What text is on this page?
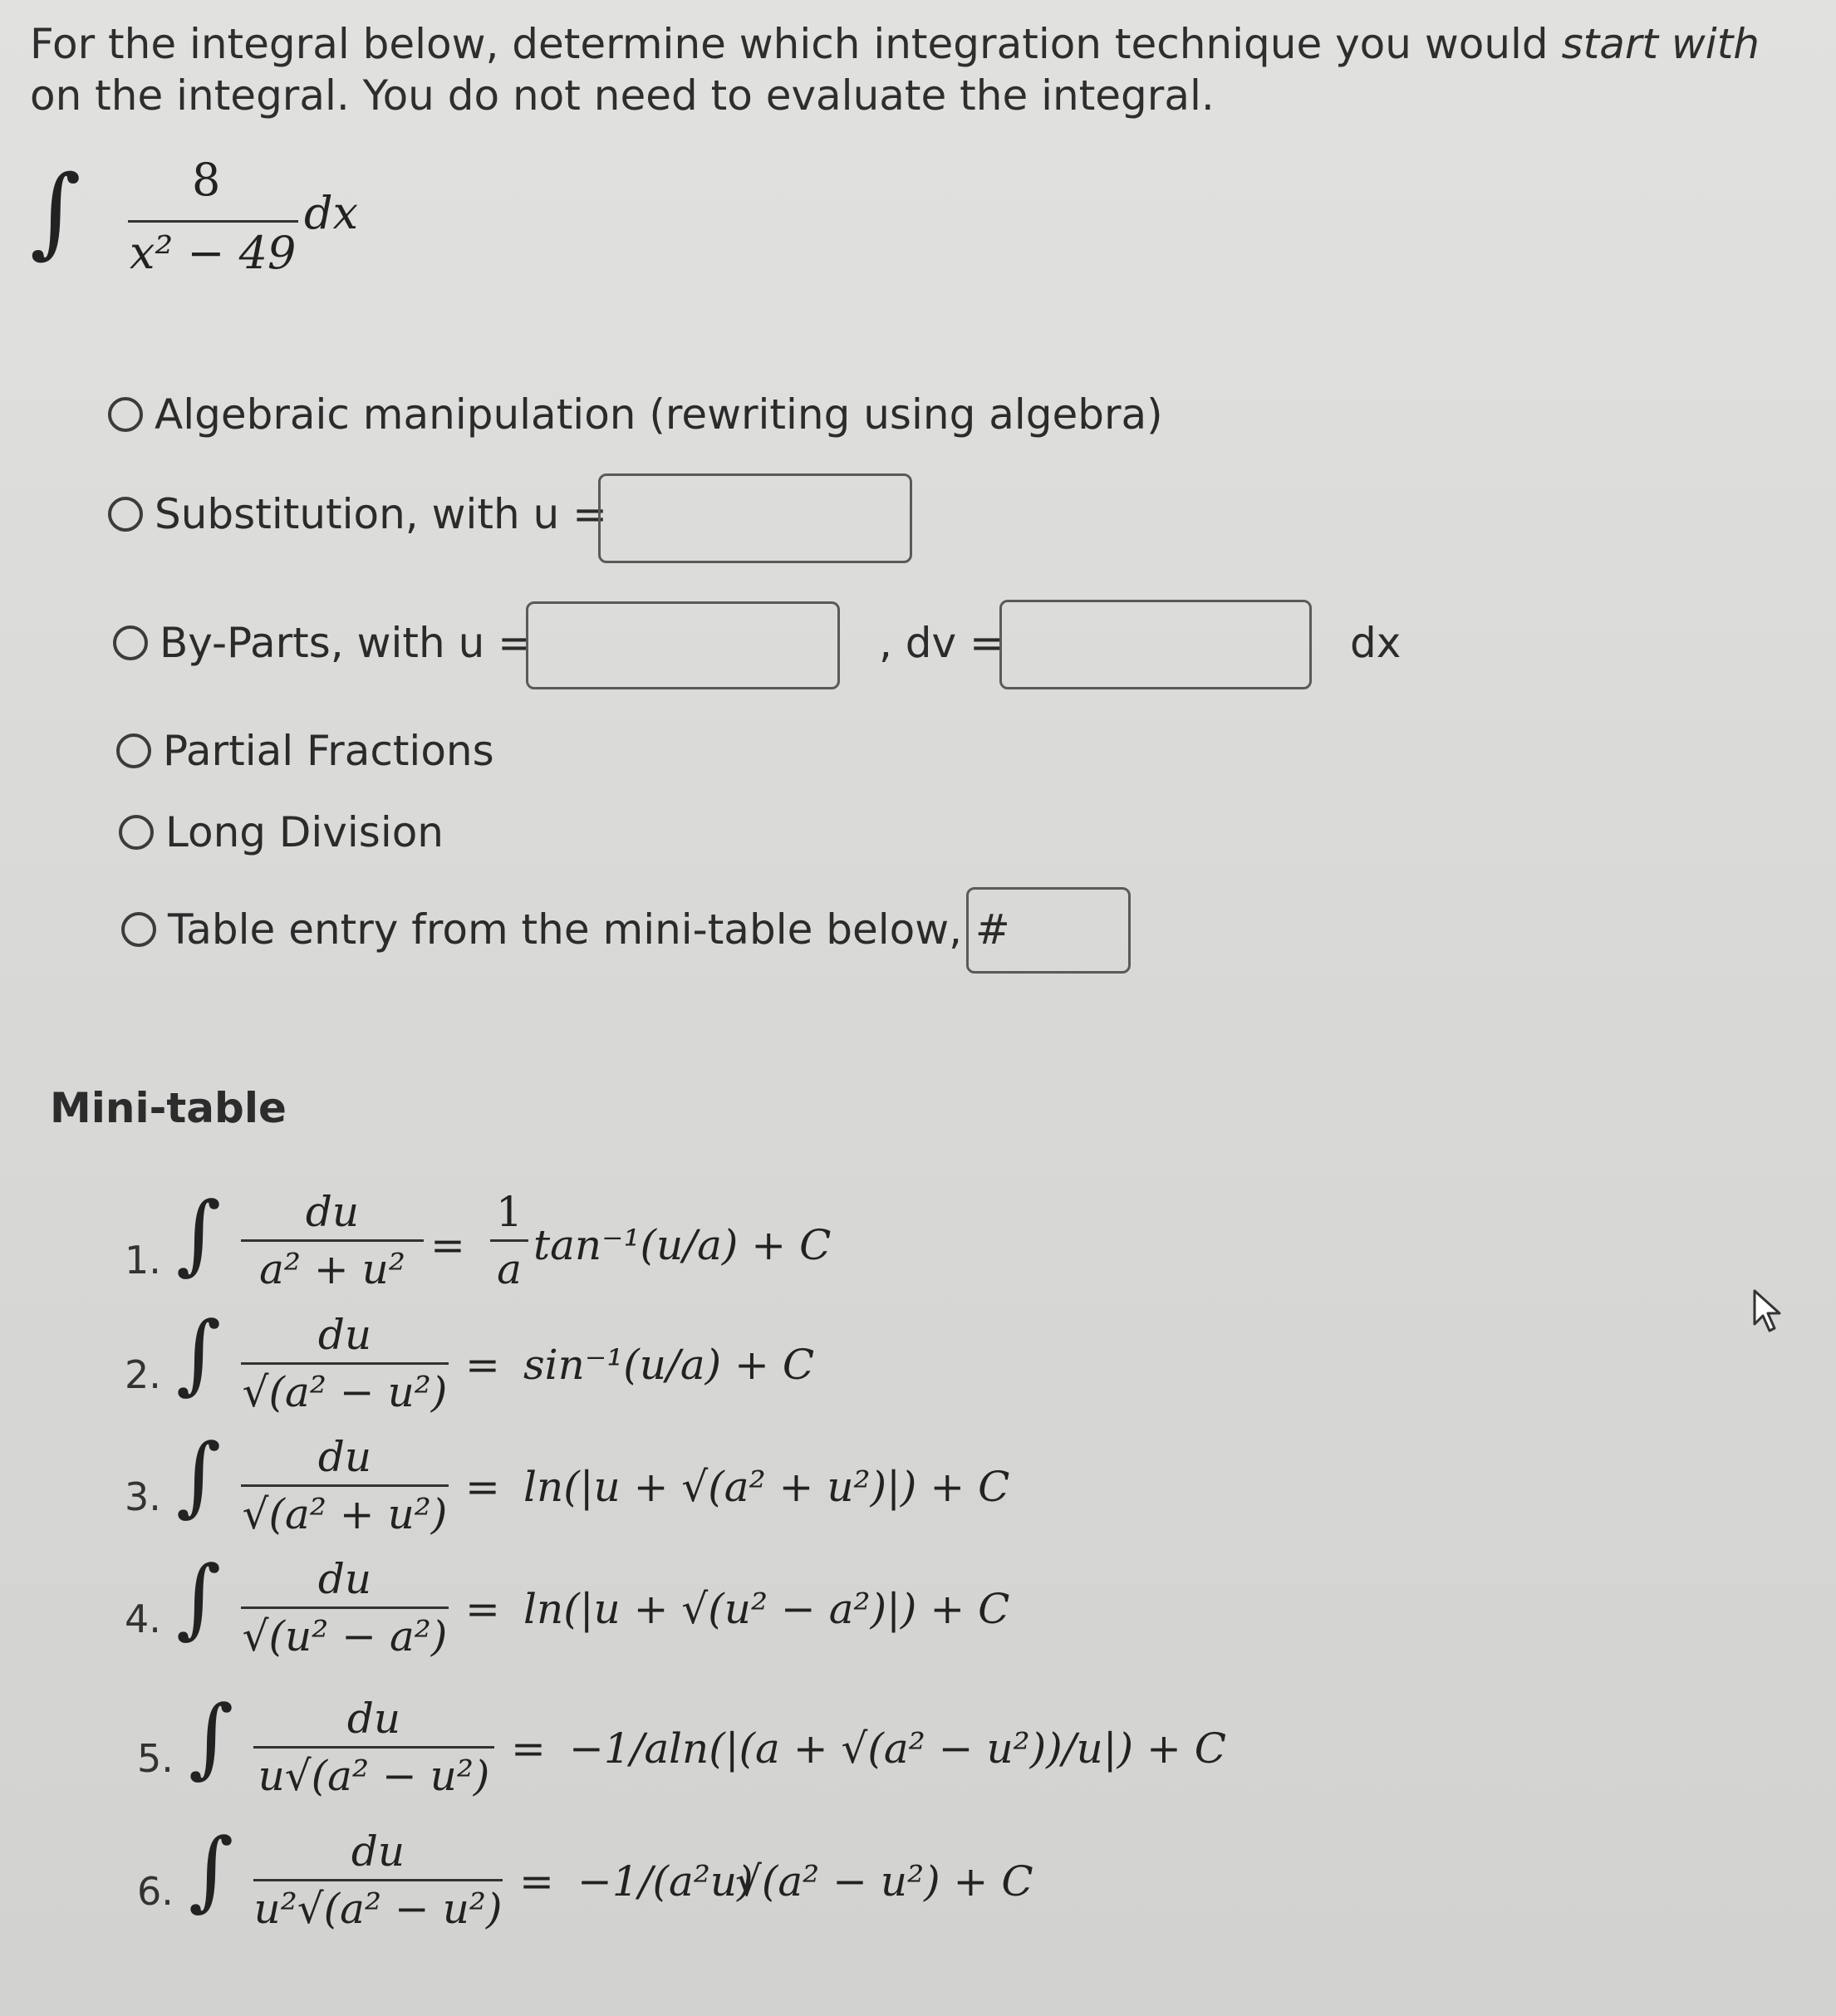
For the integral below, determine which integration technique you would start with on the integral. You do not need to evaluate the integral.
∫ 8
x² − 49
dx
Algebraic manipulation (rewriting using algebra)
Substitution, with u =
By-Parts, with u =	, dv =	dx
Partial Fractions
Long Division
Table entry from the mini-table below, #
Mini-table
1. ∫	du
a² + u² =
1
a tan⁻¹(u/a) + C
2. ∫	du
√(a² − u²)
= sin⁻¹(u/a) + C
3. ∫	du
√(a² + u²)
= ln(|u + √(a² + u²)|) + C
4. ∫	du
√(u² − a²)
= ln(|u + √(u² − a²)|) + C
5. ∫	du
u√(a² − u²)
= −1/a ln(|(a + √(a² − u²))/u|) + C
6. ∫	du
u²√(a² − u²)
= −1/(a²u)
√(a² − u²) + C
